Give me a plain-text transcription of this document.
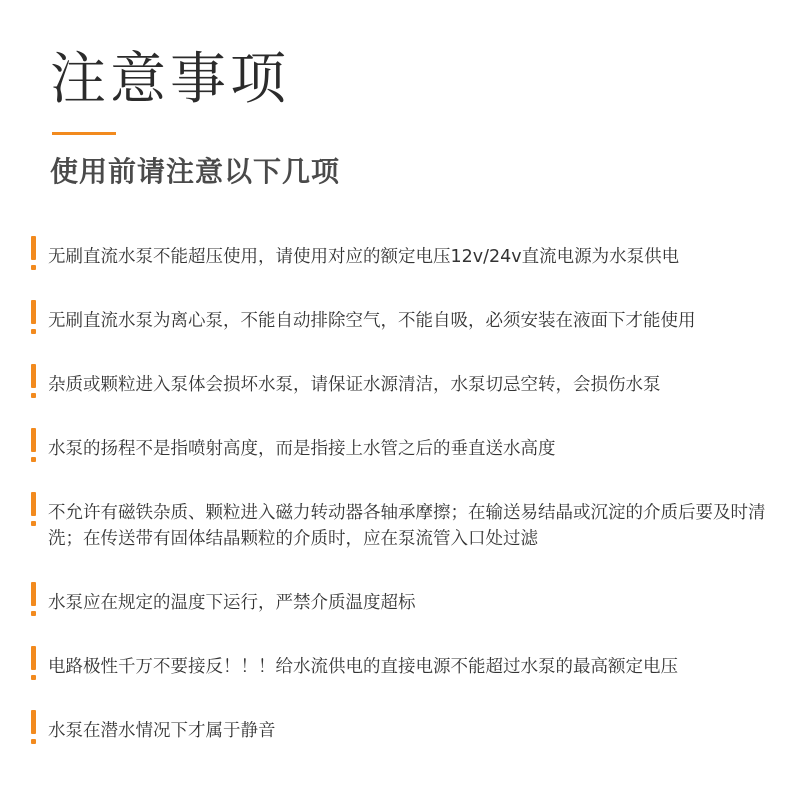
注意事项
使用前请注意以下几项

无刷直流水泵不能超压使用，请使用对应的额定电压12v/24v直流电源为水泵供电

无刷直流水泵为离心泵，不能自动排除空气，不能自吸，必须安装在液面下才能使用

杂质或颗粒进入泵体会损坏水泵，请保证水源清洁，水泵切忌空转，会损伤水泵

水泵的扬程不是指喷射高度，而是指接上水管之后的垂直送水高度

不允许有磁铁杂质、颗粒进入磁力转动器各轴承摩擦；在输送易结晶或沉淀的介质后要及时清洗；在传送带有固体结晶颗粒的介质时，应在泵流管入口处过滤

水泵应在规定的温度下运行，严禁介质温度超标

电路极性千万不要接反！！！给水流供电的直接电源不能超过水泵的最高额定电压

水泵在潜水情况下才属于静音
